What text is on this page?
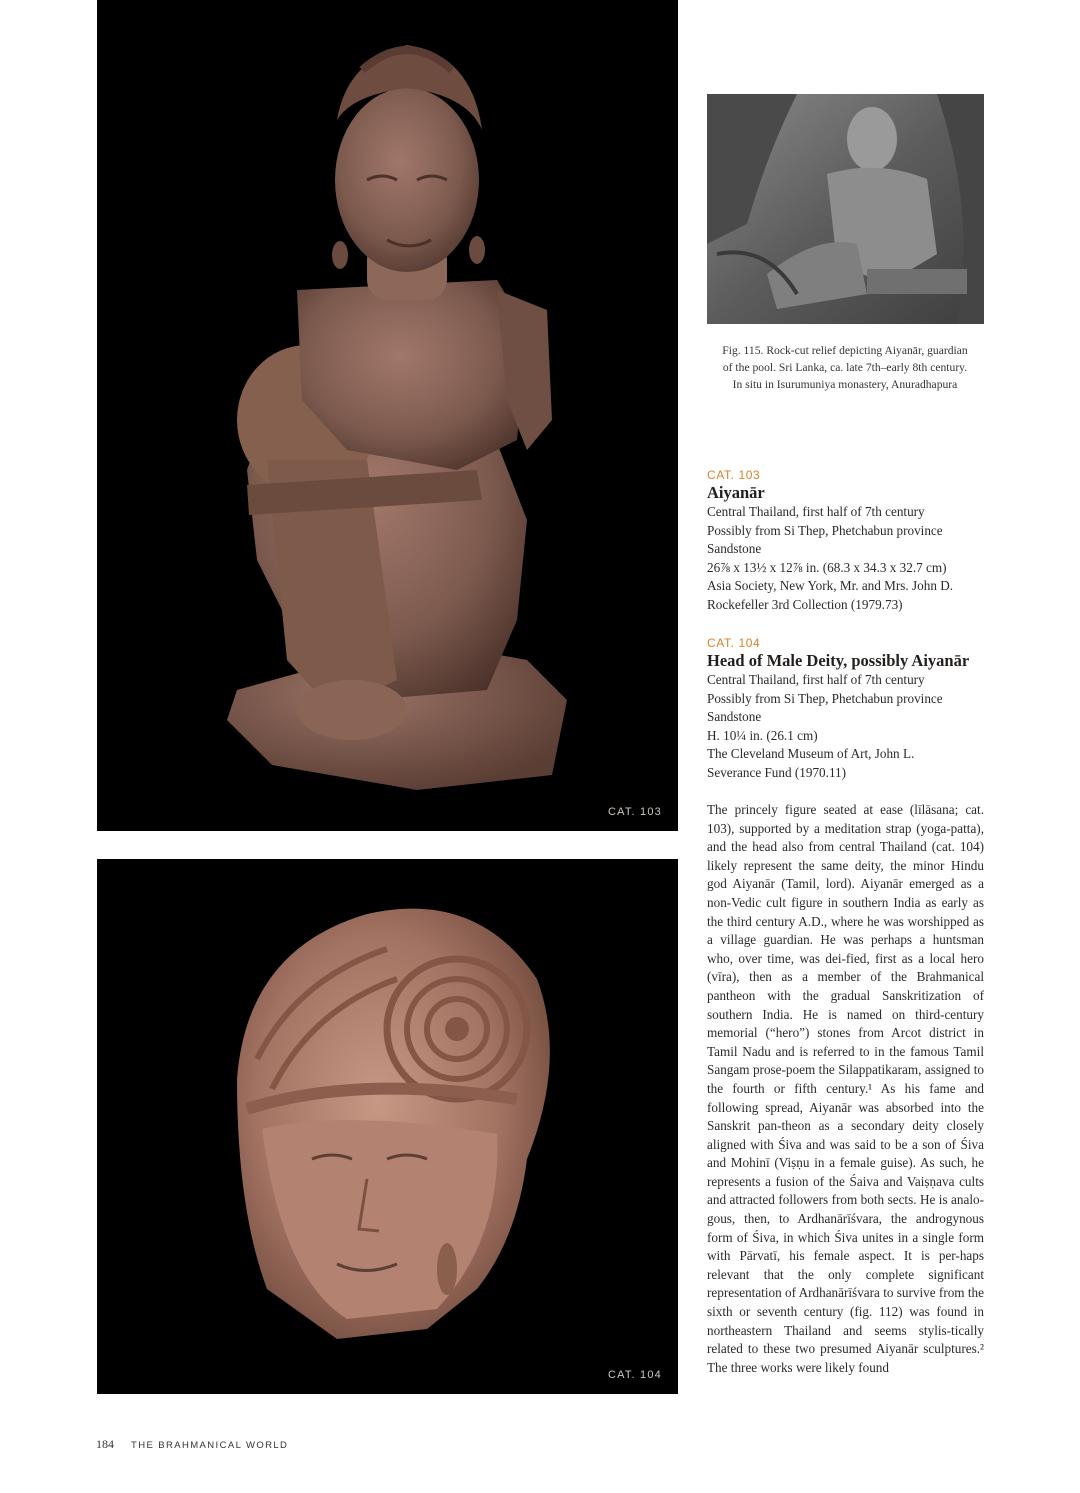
CAT. 103
CAT. 104
Fig. 115. Rock-cut relief depicting Aiyanār, guardian
of the pool. Sri Lanka, ca. late 7th–early 8th century.
In situ in Isurumuniya monastery, Anuradhapura
CAT. 103
Aiyanār
Central Thailand, first half of 7th century
Possibly from Si Thep, Phetchabun province
Sandstone
26⅞ x 13½ x 12⅞ in. (68.3 x 34.3 x 32.7 cm)
Asia Society, New York, Mr. and Mrs. John D.
Rockefeller 3rd Collection (1979.73)
CAT. 104
Head of Male Deity, possibly Aiyanār
Central Thailand, first half of 7th century
Possibly from Si Thep, Phetchabun province
Sandstone
H. 10¼ in. (26.1 cm)
The Cleveland Museum of Art, John L.
Severance Fund (1970.11)

The princely figure seated at ease (līlāsana; cat. 103), supported by a meditation strap (yoga-patta), and the head also from central Thailand (cat. 104) likely represent the same deity, the minor Hindu god Aiyanār (Tamil, lord). Aiyanār emerged as a non-Vedic cult figure in southern India as early as the third century A.D., where he was worshipped as a village guardian. He was perhaps a huntsman who, over time, was dei-fied, first as a local hero (vīra), then as a member of the Brahmanical pantheon with the gradual Sanskritization of southern India. He is named on third-century memorial (“hero”) stones from Arcot district in Tamil Nadu and is referred to in the famous Tamil Sangam prose-poem the Silappatikaram, assigned to the fourth or fifth century.¹ As his fame and following spread, Aiyanār was absorbed into the Sanskrit pan-theon as a secondary deity closely aligned with Śiva and was said to be a son of Śiva and Mohinī (Viṣṇu in a female guise). As such, he represents a fusion of the Śaiva and Vaiṣṇava cults and attracted followers from both sects. He is analo-gous, then, to Ardhanārīśvara, the androgynous form of Śiva, in which Śiva unites in a single form with Pārvatī, his female aspect. It is per-haps relevant that the only complete significant representation of Ardhanārīśvara to survive from the sixth or seventh century (fig. 112) was found in northeastern Thailand and seems stylis-tically related to these two presumed Aiyanār sculptures.² The three works were likely found

184 THE BRAHMANICAL WORLD
